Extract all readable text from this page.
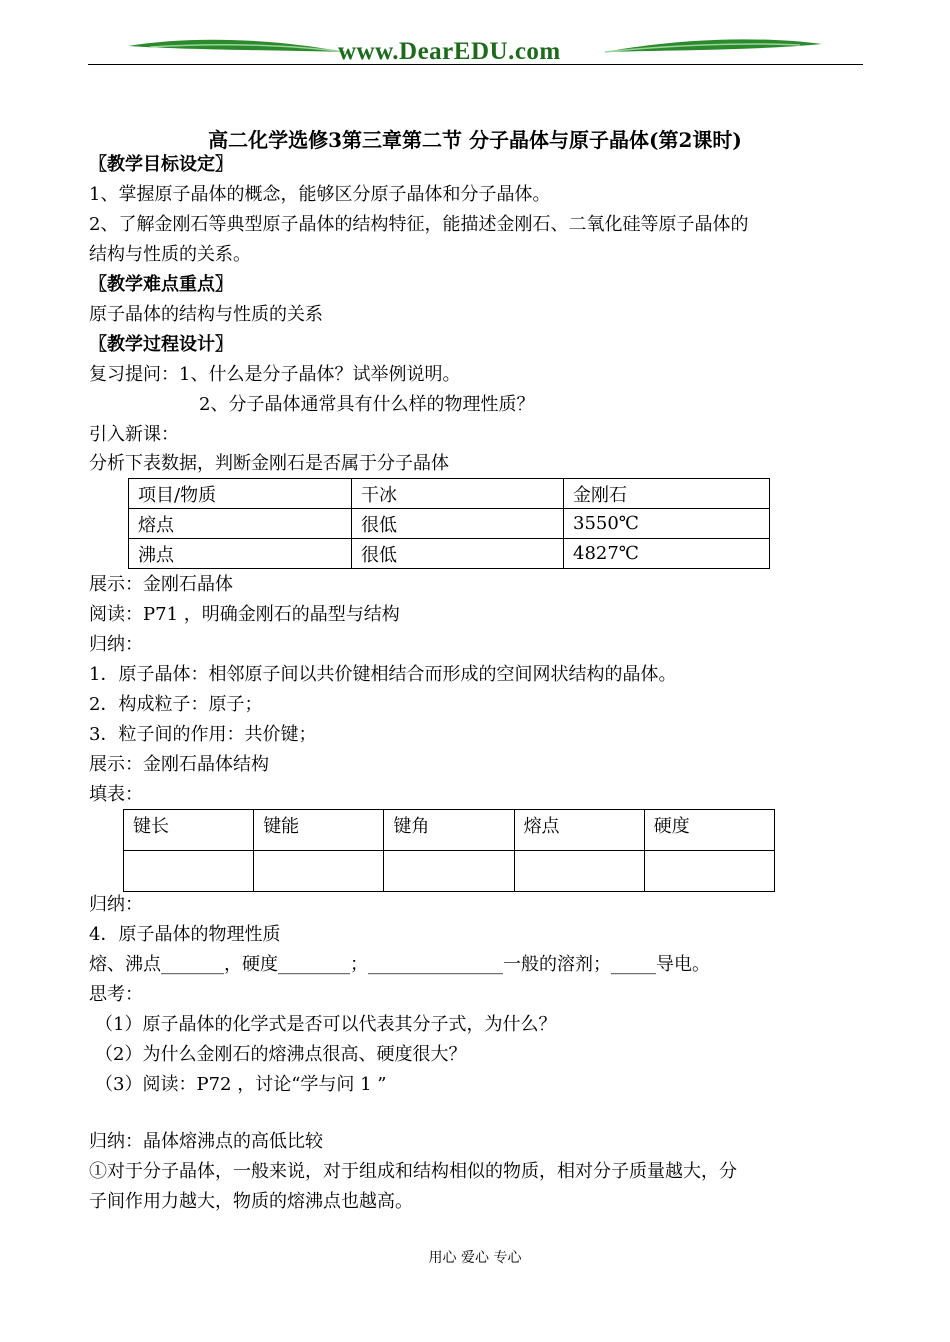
www.DearEDU.com
高二化学选修3第三章第二节 分子晶体与原子晶体(第2课时)
〖教学目标设定〗
1、掌握原子晶体的概念，能够区分原子晶体和分子晶体。
2、了解金刚石等典型原子晶体的结构特征，能描述金刚石、二氧化硅等原子晶体的
结构与性质的关系。
〖教学难点重点〗
原子晶体的结构与性质的关系
〖教学过程设计〗
复习提问：1、什么是分子晶体？试举例说明。
2、分子晶体通常具有什么样的物理性质？
引入新课：
分析下表数据，判断金刚石是否属于分子晶体
项目/物质	干冰	金刚石
熔点	很低	3550℃
沸点	很低	4827℃
展示：金刚石晶体
阅读：P71 ，明确金刚石的晶型与结构
归纳：
1．原子晶体：相邻原子间以共价键相结合而形成的空间网状结构的晶体。
2．构成粒子：原子；
3．粒子间的作用：共价键；
展示：金刚石晶体结构
填表：
键长	键能	键角	熔点	硬度

归纳：
4．原子晶体的物理性质
熔、沸点_______，硬度________；_______________一般的溶剂；_____导电。
思考：
（1）原子晶体的化学式是否可以代表其分子式，为什么？
（2）为什么金刚石的熔沸点很高、硬度很大？
（3）阅读：P72 ，讨论“学与问 1 ”
归纳：晶体熔沸点的高低比较
①对于分子晶体，一般来说，对于组成和结构相似的物质，相对分子质量越大，分
子间作用力越大，物质的熔沸点也越高。
用心 爱心 专心
